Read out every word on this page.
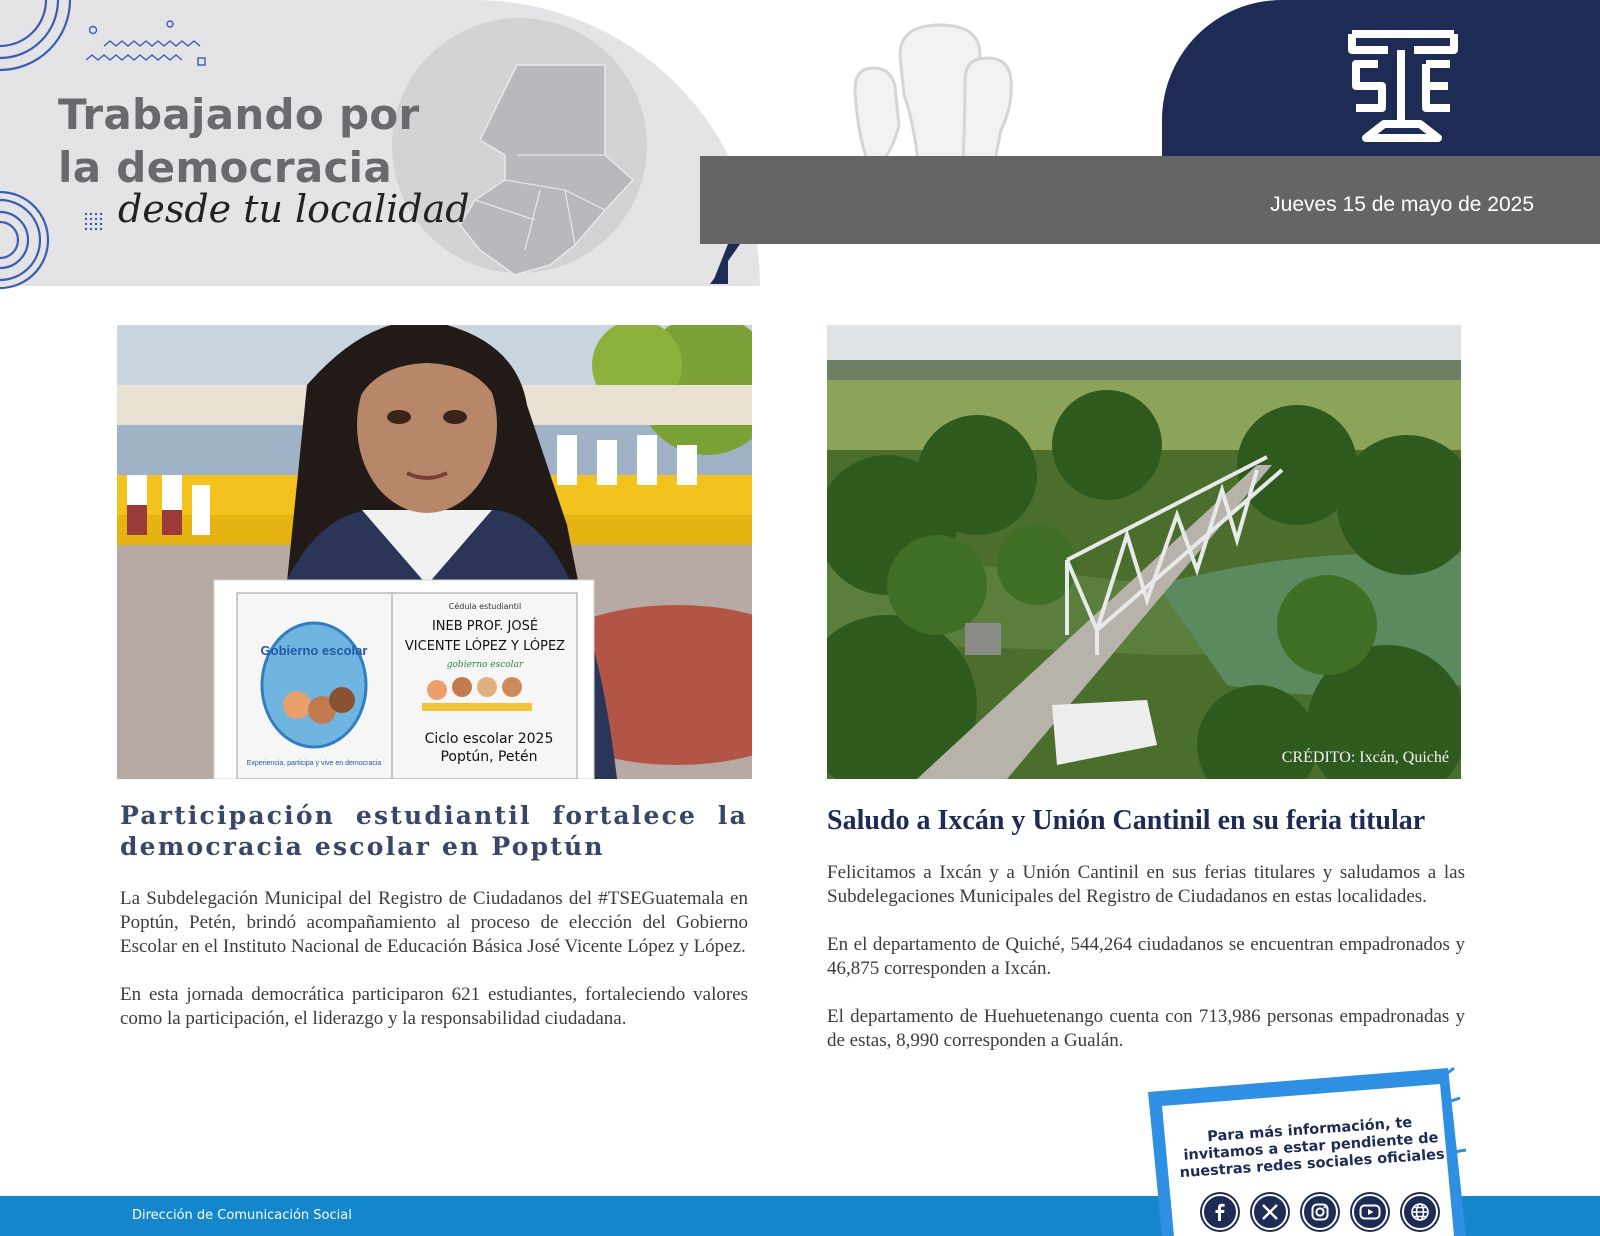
Trabajando por
la democracia
desde tu localidad	Jueves 15 de mayo de 2025
Gobierno escolar
Experiencia, participa y vive en democracia
Cédula estudiantil
INEB PROF. JOSÉ
VICENTE LÓPEZ Y LÓPEZ
gobierno escolar
Ciclo escolar 2025
Poptún, Petén	CRÉDITO: Ixcán, Quiché
Participación estudiantil fortalece la democracia escolar en Poptún

La Subdelegación Municipal del Registro de Ciudadanos del #TSEGuatemala en Poptún, Petén, brindó acompañamiento al proceso de elección del Gobierno Escolar en el Instituto Nacional de Educación Básica José Vicente López y López.

En esta jornada democrática participaron 621 estudiantes, fortaleciendo valores como la participación, el liderazgo y la responsabilidad ciudadana.

Saludo a Ixcán y Unión Cantinil en su feria titular

Felicitamos a Ixcán y a Unión Cantinil en sus ferias titulares y saludamos a las Subdelegaciones Municipales del Registro de Ciudadanos en estas localidades.

En el departamento de Quiché, 544,264 ciudadanos se encuentran empadronados y 46,875 corresponden a Ixcán.

El departamento de Huehuetenango cuenta con 713,986 personas empadronadas y de estas, 8,990 corresponden a Gualán.

Dirección de Comunicación Social
Para más información, te invitamos a estar pendiente de nuestras redes sociales oficiales
